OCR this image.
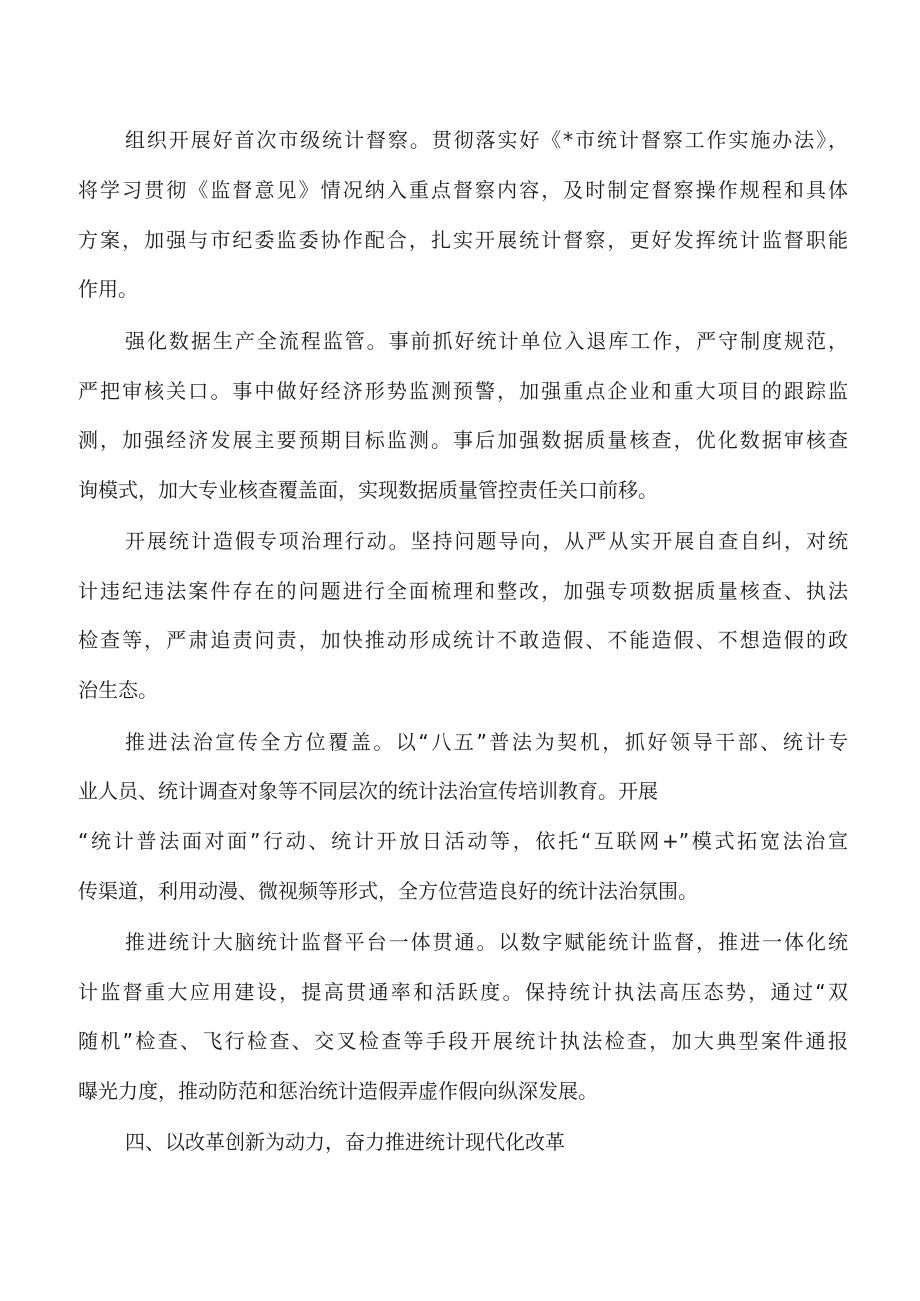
组织开展好首次市级统计督察。贯彻落实好《*市统计督察工作实施办法》，

将学习贯彻《监督意见》情况纳入重点督察内容，及时制定督察操作规程和具体

方案，加强与市纪委监委协作配合，扎实开展统计督察，更好发挥统计监督职能

作用。

强化数据生产全流程监管。事前抓好统计单位入退库工作，严守制度规范，

严把审核关口。事中做好经济形势监测预警，加强重点企业和重大项目的跟踪监

测，加强经济发展主要预期目标监测。事后加强数据质量核查，优化数据审核查

询模式，加大专业核查覆盖面，实现数据质量管控责任关口前移。

开展统计造假专项治理行动。坚持问题导向，从严从实开展自查自纠，对统

计违纪违法案件存在的问题进行全面梳理和整改，加强专项数据质量核查、执法

检查等，严肃追责问责，加快推动形成统计不敢造假、不能造假、不想造假的政

治生态。

推进法治宣传全方位覆盖。以“八五”普法为契机，抓好领导干部、统计专

业人员、统计调查对象等不同层次的统计法治宣传培训教育。开展

“统计普法面对面”行动、统计开放日活动等，依托“互联网+”模式拓宽法治宣

传渠道，利用动漫、微视频等形式，全方位营造良好的统计法治氛围。

推进统计大脑统计监督平台一体贯通。以数字赋能统计监督，推进一体化统

计监督重大应用建设，提高贯通率和活跃度。保持统计执法高压态势，通过“双

随机”检查、飞行检查、交叉检查等手段开展统计执法检查，加大典型案件通报

曝光力度，推动防范和惩治统计造假弄虚作假向纵深发展。

四、以改革创新为动力，奋力推进统计现代化改革
